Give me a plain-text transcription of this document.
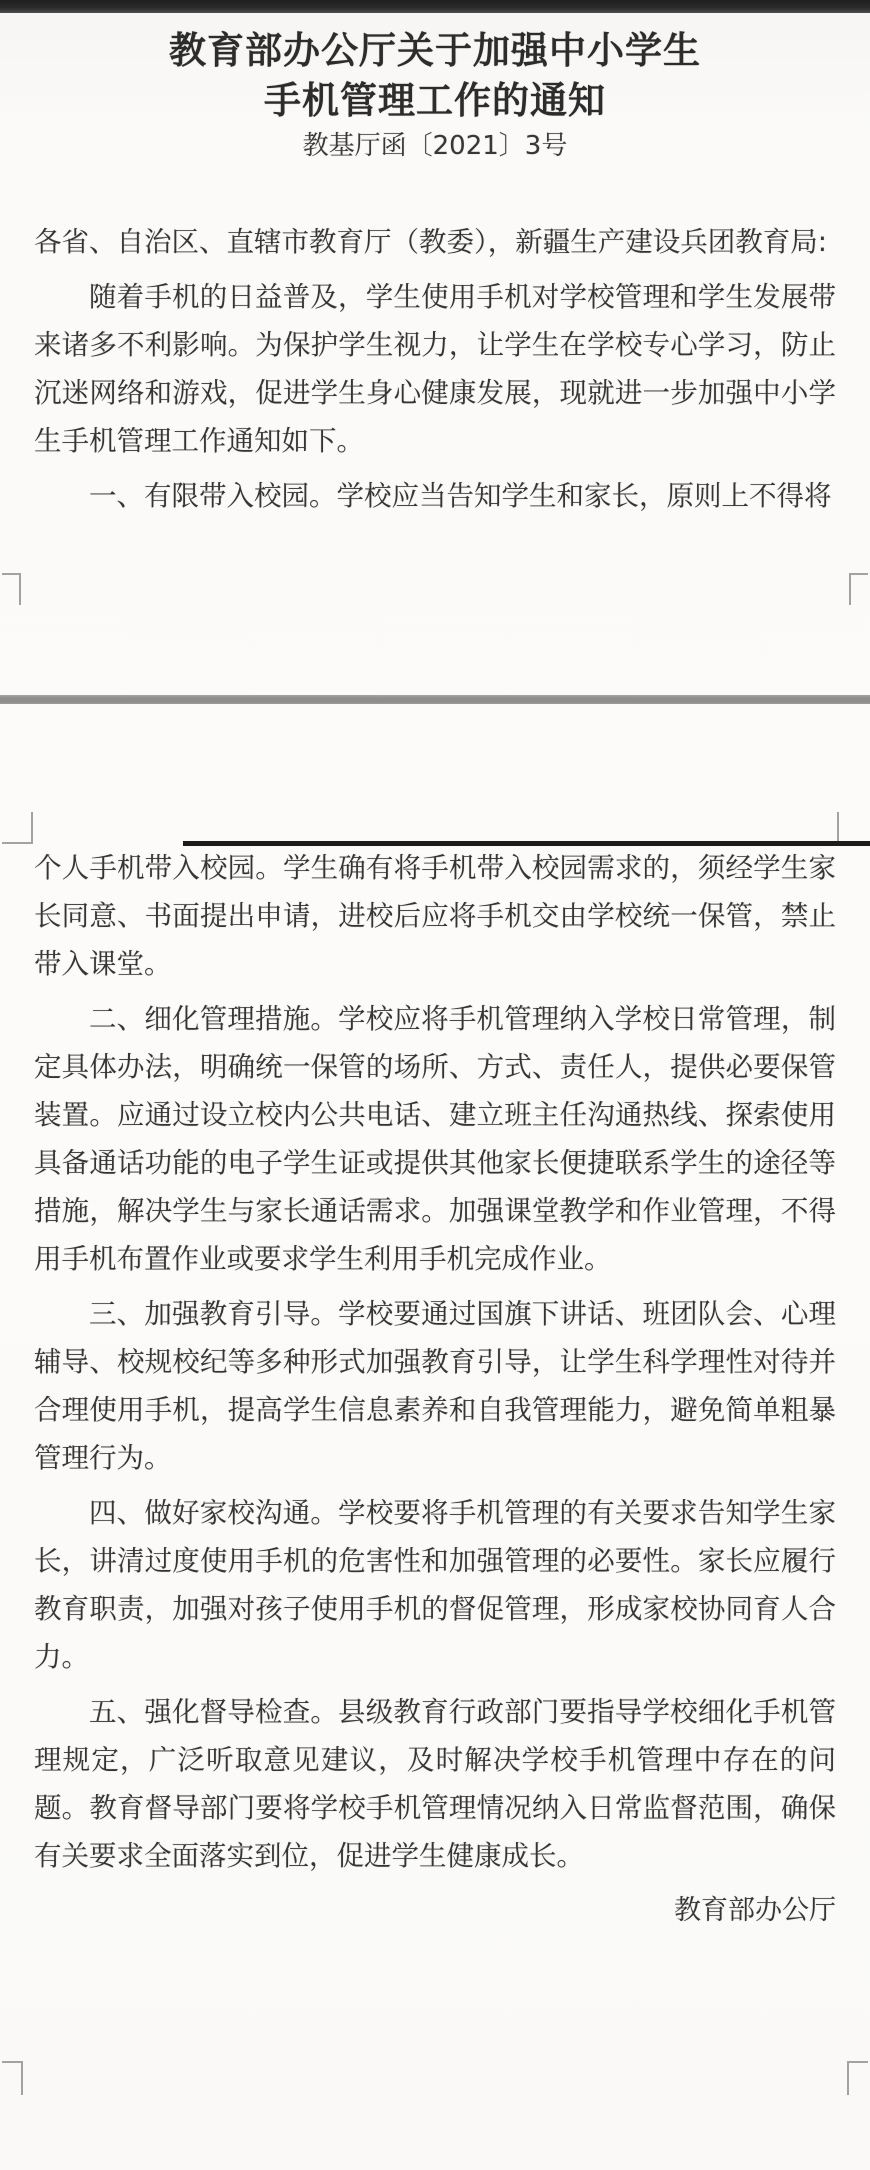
教育部办公厅关于加强中小学生
手机管理工作的通知
教基厅函〔2021〕3号

各省、自治区、直辖市教育厅（教委），新疆生产建设兵团教育局:

随着手机的日益普及，学生使用手机对学校管理和学生发展带来诸多不利影响。为保护学生视力，让学生在学校专心学习，防止沉迷网络和游戏，促进学生身心健康发展，现就进一步加强中小学生手机管理工作通知如下。

一、有限带入校园。学校应当告知学生和家长，原则上不得将

个人手机带入校园。学生确有将手机带入校园需求的，须经学生家长同意、书面提出申请，进校后应将手机交由学校统一保管，禁止带入课堂。

二、细化管理措施。学校应将手机管理纳入学校日常管理，制定具体办法，明确统一保管的场所、方式、责任人，提供必要保管装置。应通过设立校内公共电话、建立班主任沟通热线、探索使用具备通话功能的电子学生证或提供其他家长便捷联系学生的途径等措施，解决学生与家长通话需求。加强课堂教学和作业管理，不得用手机布置作业或要求学生利用手机完成作业。

三、加强教育引导。学校要通过国旗下讲话、班团队会、心理辅导、校规校纪等多种形式加强教育引导，让学生科学理性对待并合理使用手机，提高学生信息素养和自我管理能力，避免简单粗暴管理行为。

四、做好家校沟通。学校要将手机管理的有关要求告知学生家长，讲清过度使用手机的危害性和加强管理的必要性。家长应履行教育职责，加强对孩子使用手机的督促管理，形成家校协同育人合力。

五、强化督导检查。县级教育行政部门要指导学校细化手机管理规定，广泛听取意见建议，及时解决学校手机管理中存在的问题。教育督导部门要将学校手机管理情况纳入日常监督范围，确保有关要求全面落实到位，促进学生健康成长。

教育部办公厅
